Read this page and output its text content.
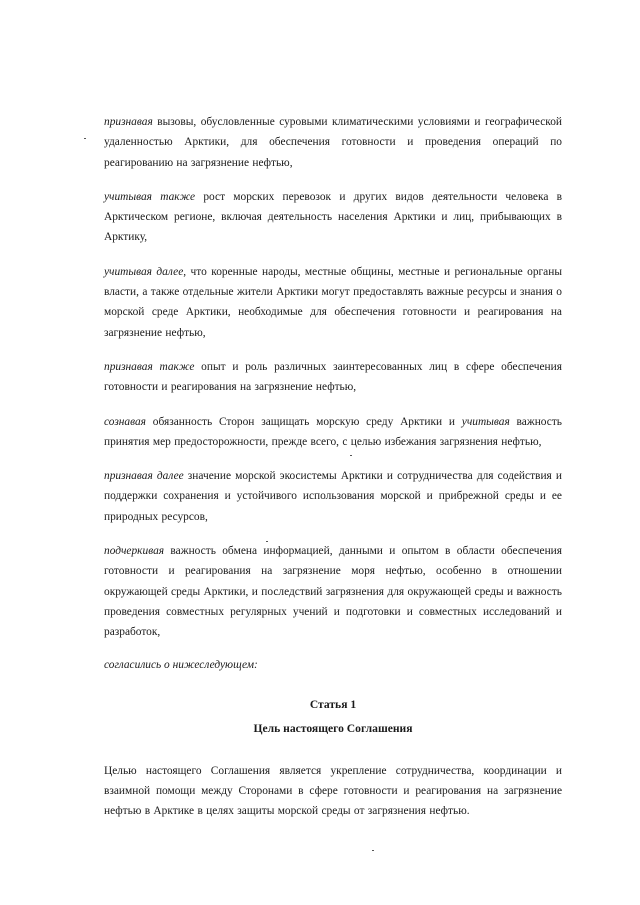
признавая вызовы, обусловленные суровыми климатическими условиями и географической удаленностью Арктики, для обеспечения готовности и проведения операций по реагированию на загрязнение нефтью,

учитывая также рост морских перевозок и других видов деятельности человека в Арктическом регионе, включая деятельность населения Арктики и лиц, прибывающих в Арктику,

учитывая далее, что коренные народы, местные общины, местные и региональные органы власти, а также отдельные жители Арктики могут предоставлять важные ресурсы и знания о морской среде Арктики, необходимые для обеспечения готовности и реагирования на загрязнение нефтью,

признавая также опыт и роль различных заинтересованных лиц в сфере обеспечения готовности и реагирования на загрязнение нефтью,

сознавая обязанность Сторон защищать морскую среду Арктики и учитывая важность принятия мер предосторожности, прежде всего, с целью избежания загрязнения нефтью,

признавая далее значение морской экосистемы Арктики и сотрудничества для содействия и поддержки сохранения и устойчивого использования морской и прибрежной среды и ее природных ресурсов,

подчеркивая важность обмена информацией, данными и опытом в области обеспечения готовности и реагирования на загрязнение моря нефтью, особенно в отношении окружающей среды Арктики, и последствий загрязнения для окружающей среды и важность проведения совместных регулярных учений и подготовки и совместных исследований и разработок,

согласились о нижеследующем:

Статья 1

Цель настоящего Соглашения

Целью настоящего Соглашения является укрепление сотрудничества, координации и взаимной помощи между Сторонами в сфере готовности и реагирования на загрязнение нефтью в Арктике в целях защиты морской среды от загрязнения нефтью.
